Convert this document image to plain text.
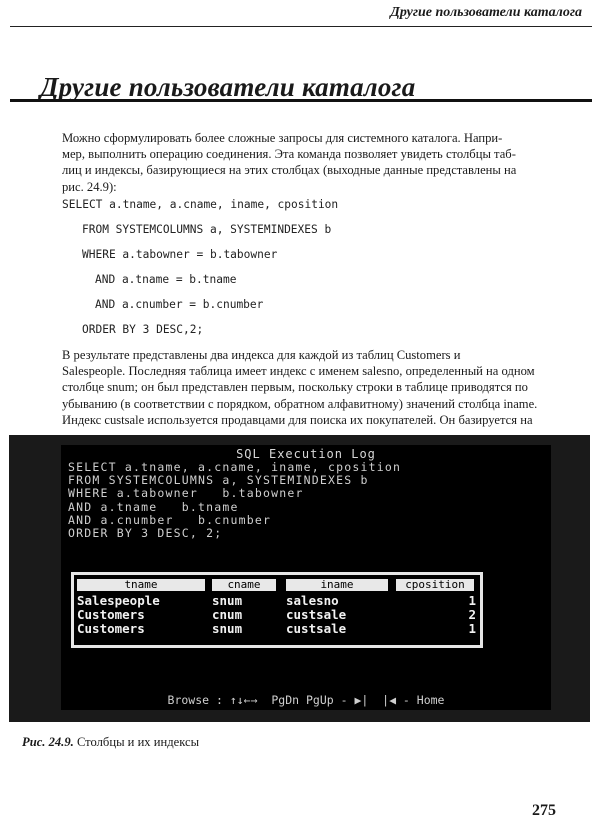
Другие пользователи каталога
Другие пользователи каталога
Можно сформулировать более сложные запросы для системного каталога. Напри-
мер, выполнить операцию соединения. Эта команда позволяет увидеть столбцы таб-
лиц и индексы, базирующиеся на этих столбцах (выходные данные представлены на
рис. 24.9):
SELECT a.tname, a.cname, iname, cposition
FROM SYSTEMCOLUMNS a, SYSTEMINDEXES b
WHERE a.tabowner = b.tabowner
AND a.tname = b.tname
AND a.cnumber = b.cnumber
ORDER BY 3 DESC,2;
В результате представлены два индекса для каждой из таблиц Customers и
Salespeople. Последняя таблица имеет индекс с именем salesno, определенный на одном
столбце snum; он был представлен первым, поскольку строки в таблице приводятся по
убыванию (в соответствии с порядком, обратном алфавитному) значений столбца iname.
Индекс custsale используется продавцами для поиска их покупателей. Он базируется на
SQL Execution Log
SELECT a.tname, a.cname, iname, cposition
FROM SYSTEMCOLUMNS a, SYSTEMINDEXES b
WHERE a.tabowner   b.tabowner
AND a.tname   b.tname
AND a.cnumber   b.cnumber
ORDER BY 3 DESC, 2;
tname	cname	iname	cposition
Salespeople	snum	salesno	1
Customers	cnum	custsale	2
Customers	snum	custsale	1
Browse : ↑↓←→  PgDn PgUp - ▶|  |◀ - Home
Рис. 24.9. Столбцы и их индексы
275
